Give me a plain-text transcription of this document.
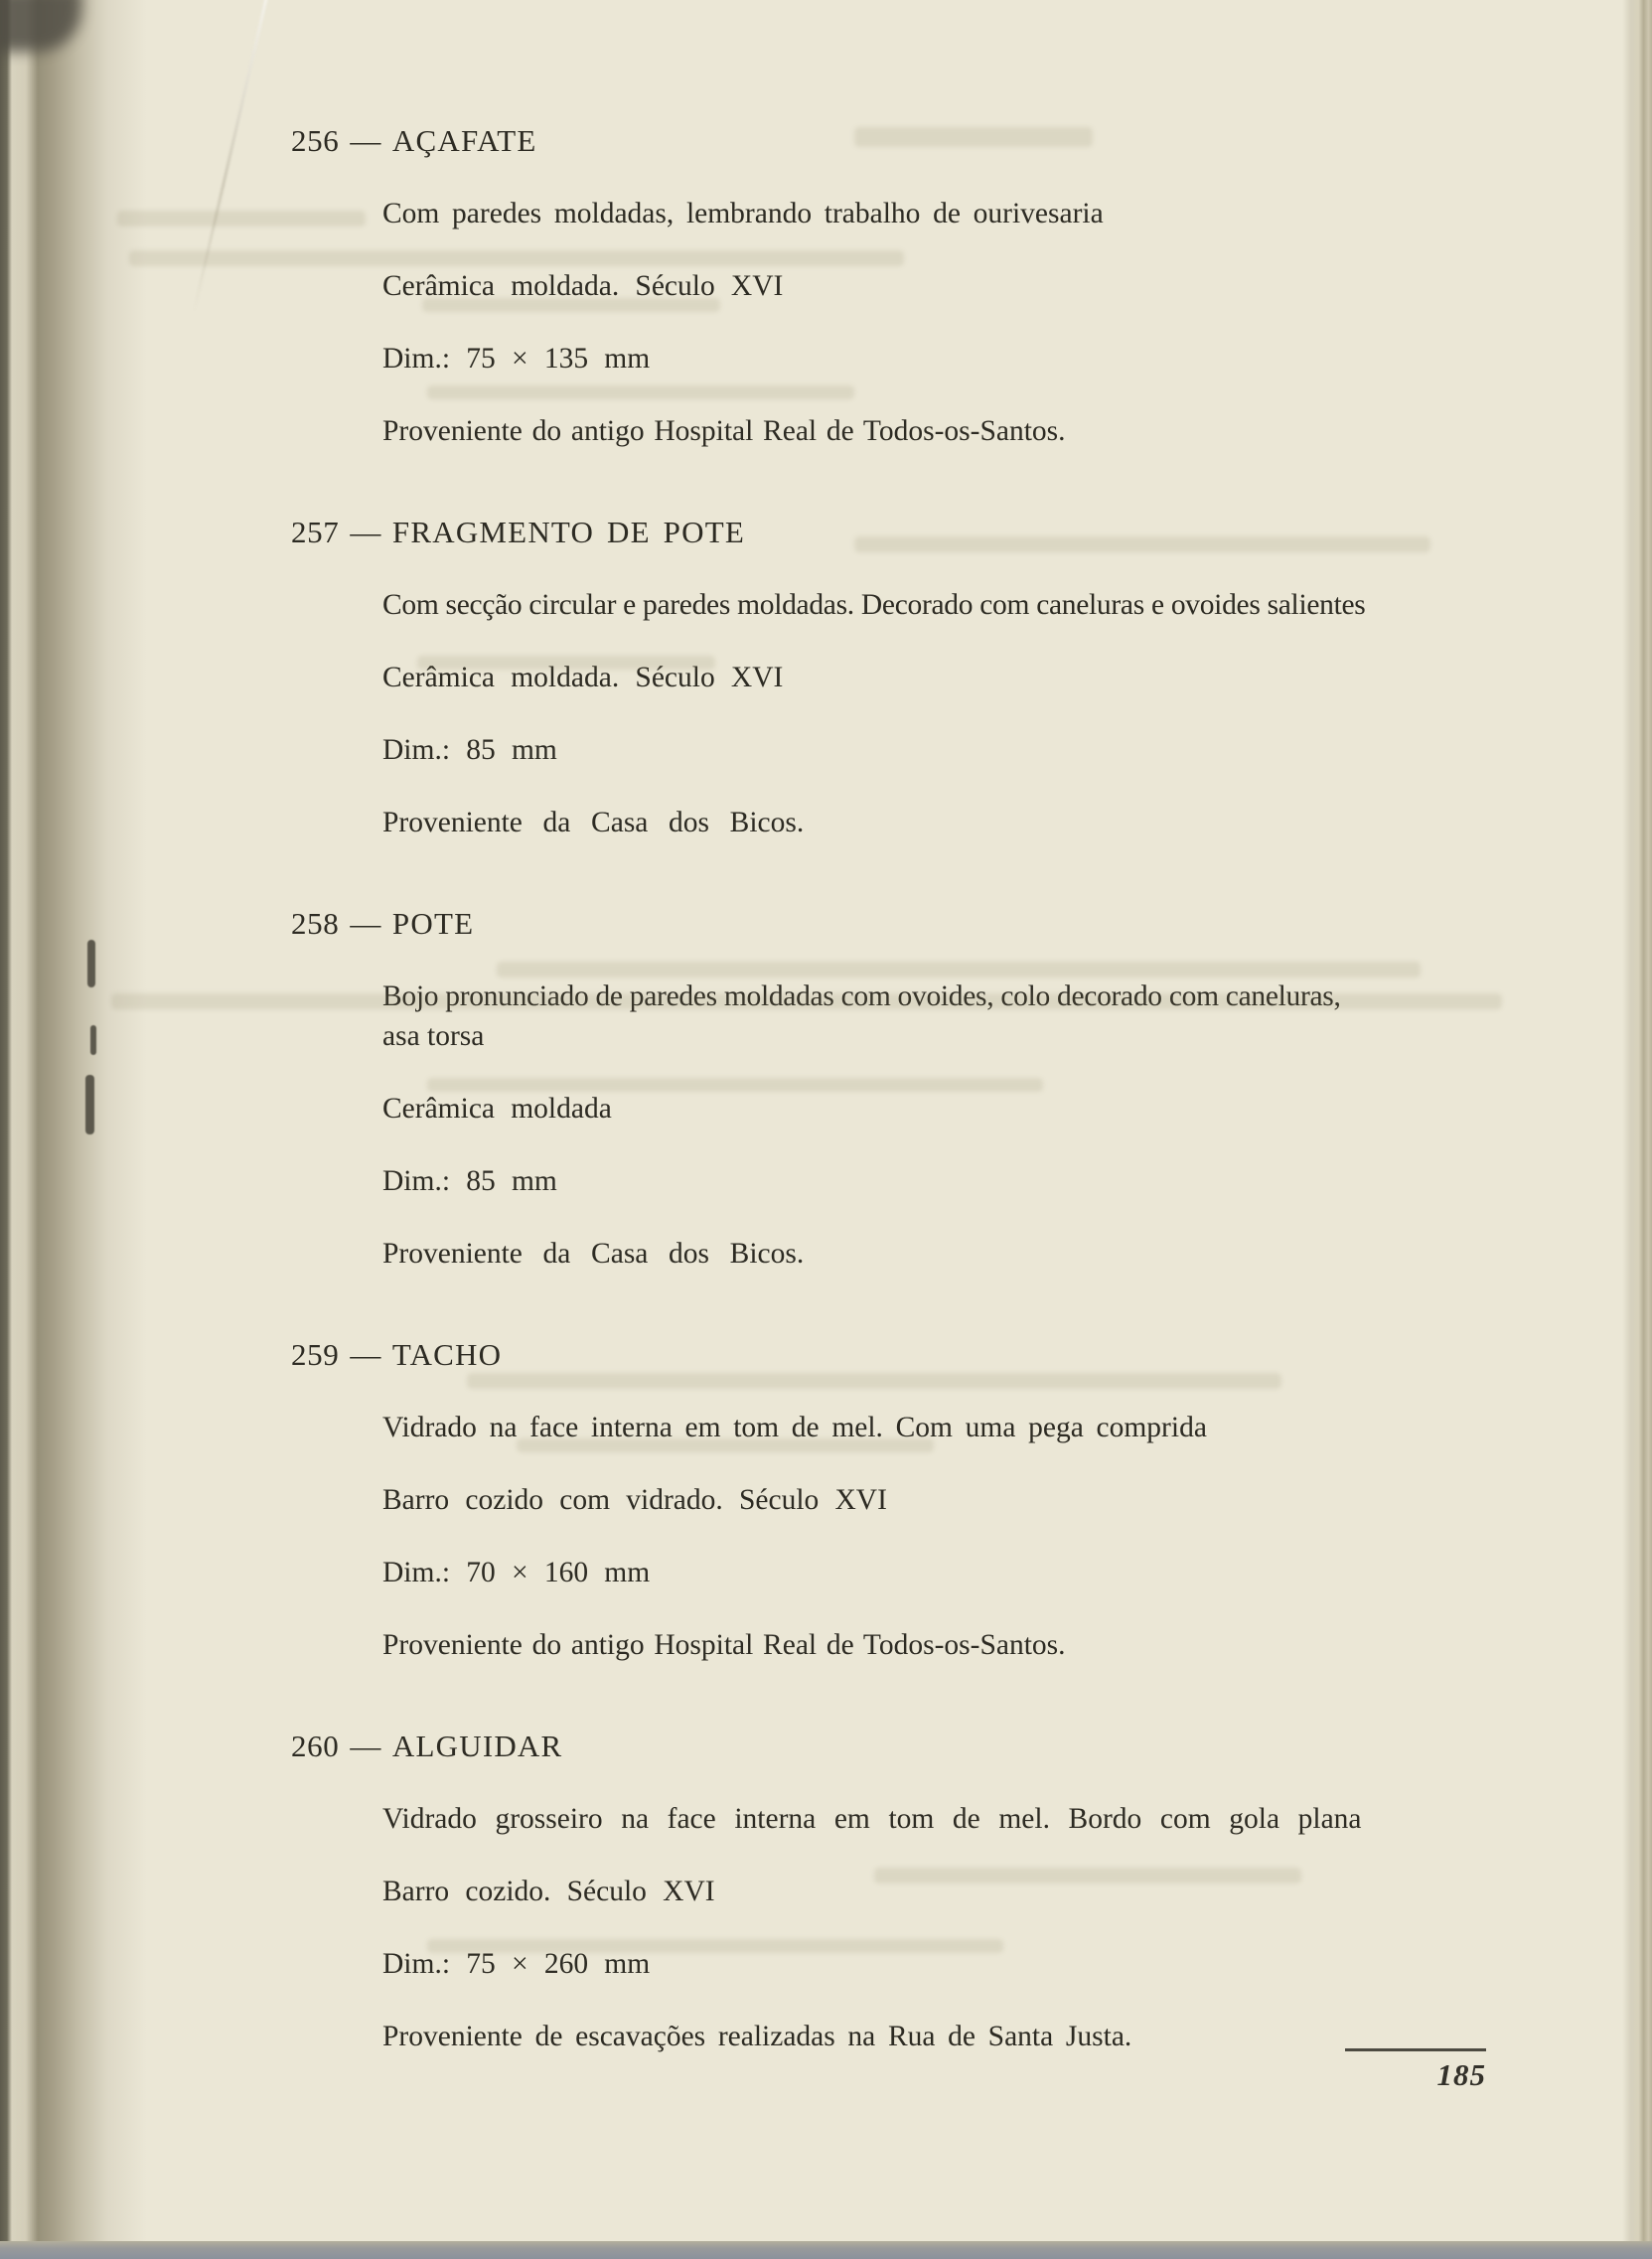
256 — AÇAFATE
Com paredes moldadas, lembrando trabalho de ourivesaria
Cerâmica moldada. Século XVI
Dim.: 75 × 135 mm
Proveniente do antigo Hospital Real de Todos-os-Santos.
257 — FRAGMENTO DE POTE
Com secção circular e paredes moldadas. Decorado com caneluras e ovoides salientes
Cerâmica moldada. Século XVI
Dim.: 85 mm
Proveniente da Casa dos Bicos.
258 — POTE
Bojo pronunciado de paredes moldadas com ovoides, colo decorado com caneluras,
asa torsa
Cerâmica moldada
Dim.: 85 mm
Proveniente da Casa dos Bicos.
259 — TACHO
Vidrado na face interna em tom de mel. Com uma pega comprida
Barro cozido com vidrado. Século XVI
Dim.: 70 × 160 mm
Proveniente do antigo Hospital Real de Todos-os-Santos.
260 — ALGUIDAR
Vidrado grosseiro na face interna em tom de mel. Bordo com gola plana
Barro cozido. Século XVI
Dim.: 75 × 260 mm
Proveniente de escavações realizadas na Rua de Santa Justa.
185
